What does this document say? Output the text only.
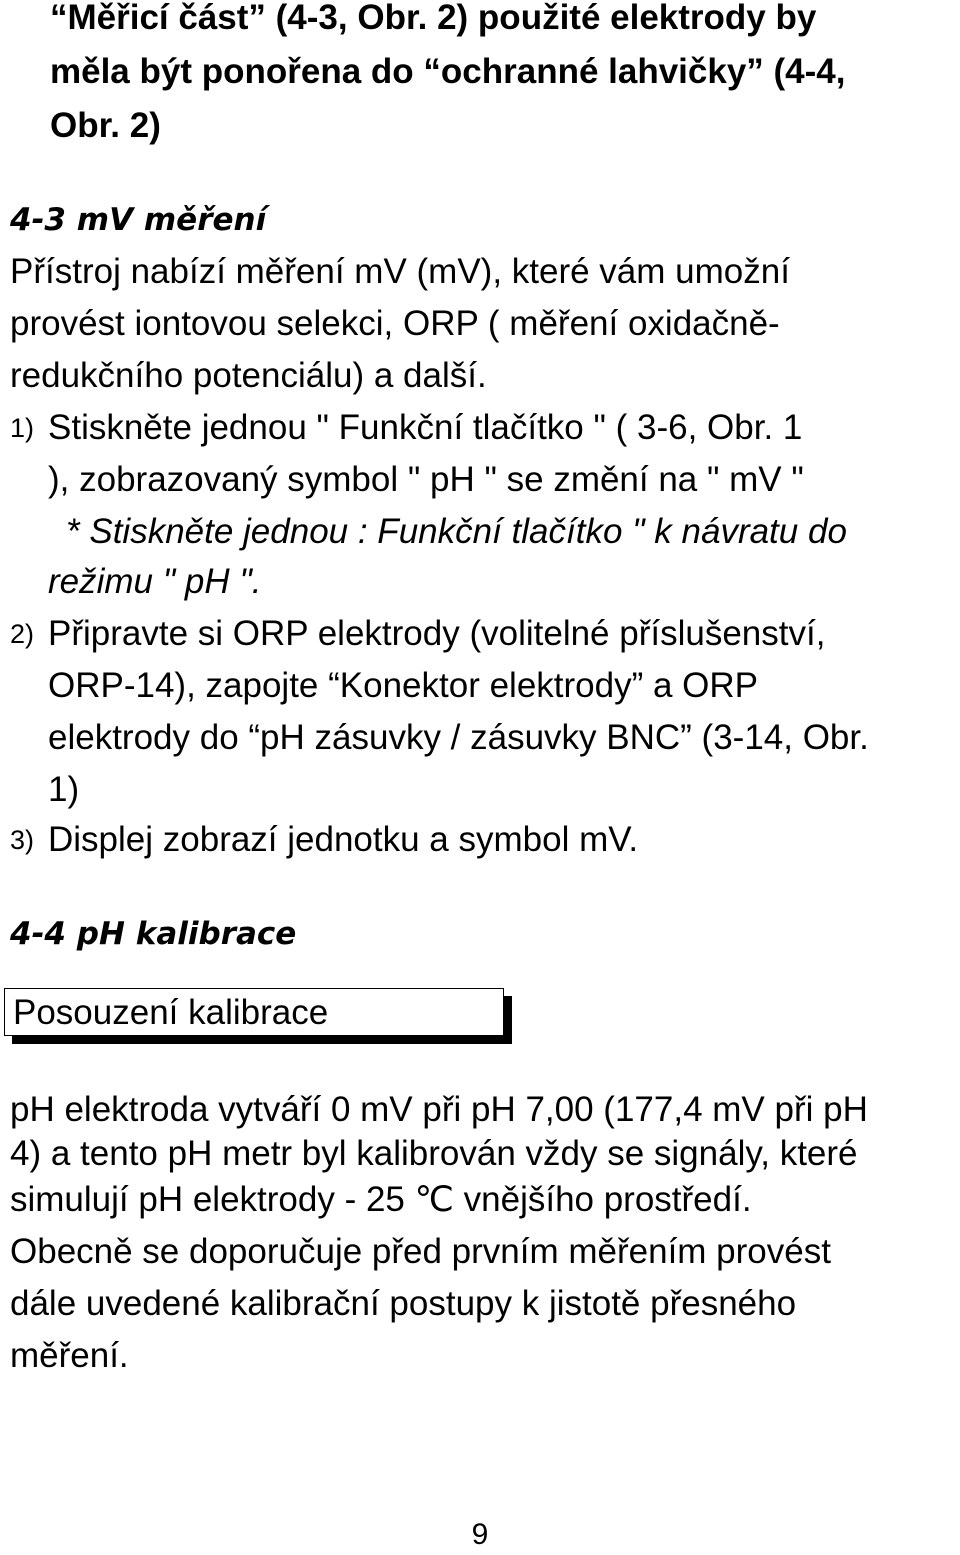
“Měřicí část” (4-3, Obr. 2) použité elektrody by
měla být ponořena do “ochranné lahvičky” (4-4,
Obr. 2)
4-3 mV měření
Přístroj nabízí měření mV (mV), které vám umožní
provést iontovou selekci, ORP ( měření oxidačně-
redukčního potenciálu) a další.
1) Stiskněte jednou " Funkční tlačítko " ( 3-6, Obr. 1
), zobrazovaný symbol " pH " se změní na " mV "
* Stiskněte jednou : Funkční tlačítko " k návratu do
režimu " pH ".
2) Připravte si ORP elektrody (volitelné příslušenství,
ORP-14), zapojte “Konektor elektrody” a ORP
elektrody do “pH zásuvky / zásuvky BNC” (3-14, Obr.
1)
3) Displej zobrazí jednotku a symbol mV.
4-4 pH kalibrace
Posouzení kalibrace
pH elektroda vytváří 0 mV při pH 7,00 (177,4 mV při pH
4) a tento pH metr byl kalibrován vždy se signály, které
simulují pH elektrody - 25 ℃ vnějšího prostředí.
Obecně se doporučuje před prvním měřením provést
dále uvedené kalibrační postupy k jistotě přesného
měření.
9
